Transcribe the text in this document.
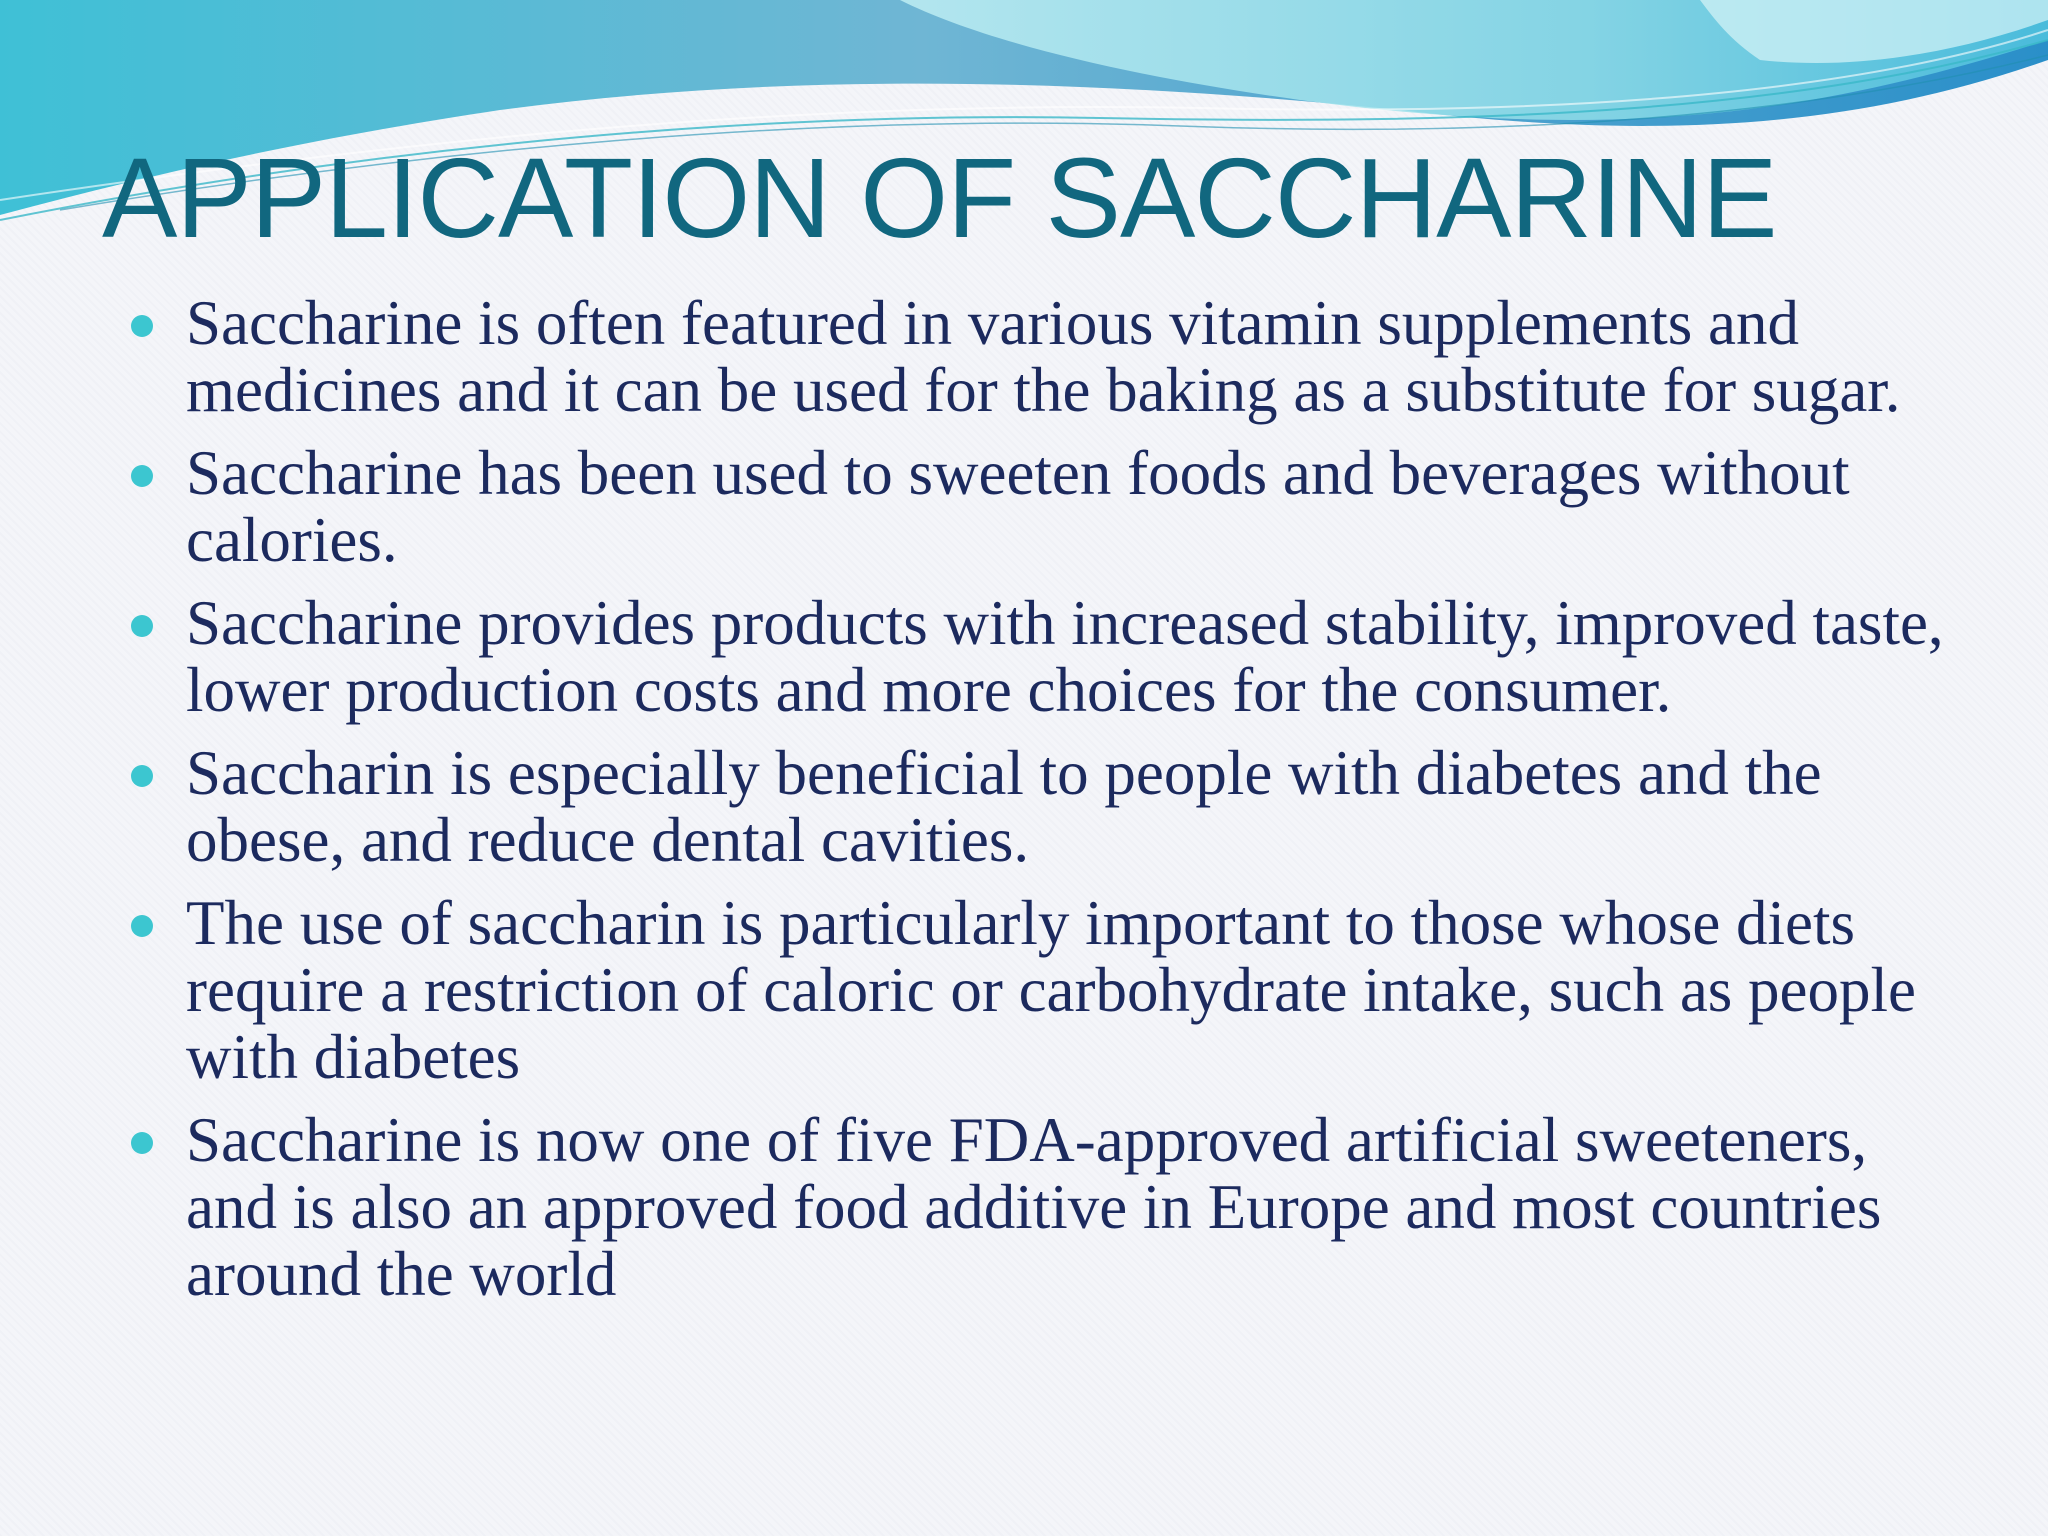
APPLICATION OF SACCHARINE
Saccharine is often featured in various vitamin supplements and medicines and it can be used for the baking as a substitute for sugar.
Saccharine has been used to sweeten foods and beverages without calories.
Saccharine provides products with increased stability, improved taste, lower production costs and more choices for the consumer.
Saccharin is especially beneficial to people with diabetes and the obese, and reduce dental cavities.
The use of saccharin is particularly important to those whose diets require a restriction of caloric or carbohydrate intake, such as people with diabetes
Saccharine is now one of five FDA-approved artificial sweeteners, and is also an approved food additive in Europe and most countries around the world
